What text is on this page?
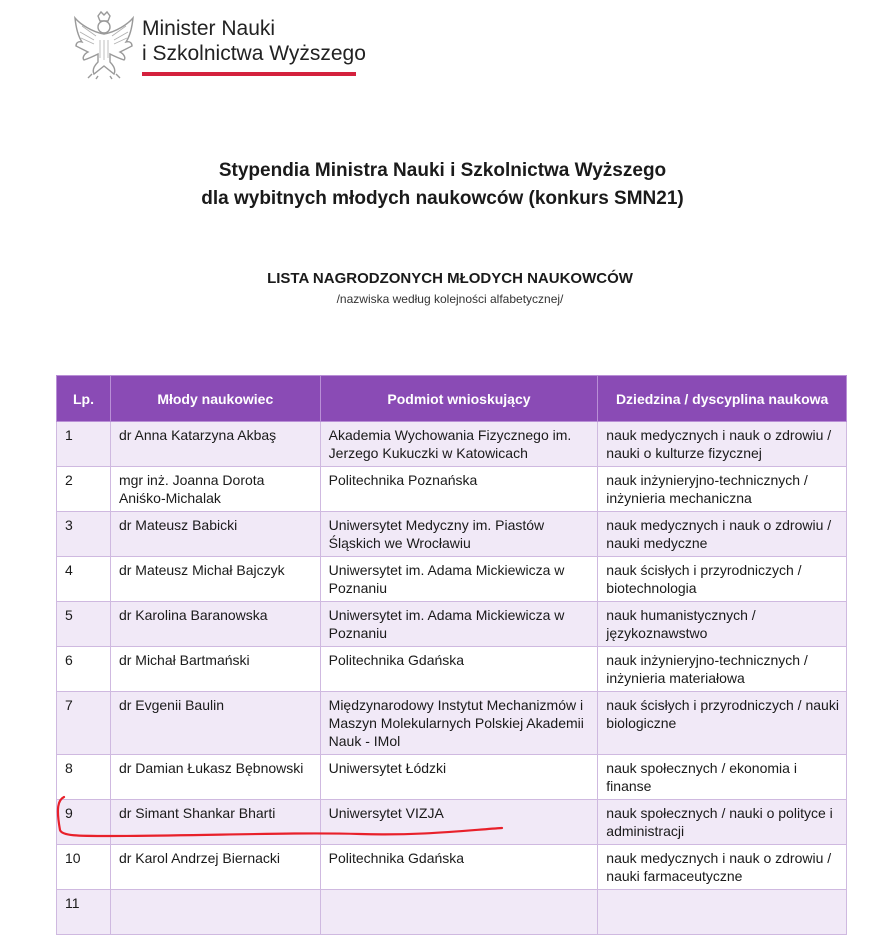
Minister Nauki
i Szkolnictwa Wyższego
Stypendia Ministra Nauki i Szkolnictwa Wyższego
dla wybitnych młodych naukowców (konkurs SMN21)
LISTA NAGRODZONYCH MŁODYCH NAUKOWCÓW
/nazwiska według kolejności alfabetycznej/
Lp.	Młody naukowiec	Podmiot wnioskujący	Dziedzina / dyscyplina naukowa
1	dr Anna Katarzyna Akbaş	Akademia Wychowania Fizycznego im. Jerzego Kukuczki w Katowicach	nauk medycznych i nauk o zdrowiu / nauki o kulturze fizycznej
2	mgr inż. Joanna Dorota Aniśko-Michalak	Politechnika Poznańska	nauk inżynieryjno-technicznych / inżynieria mechaniczna
3	dr Mateusz Babicki	Uniwersytet Medyczny im. Piastów Śląskich we Wrocławiu	nauk medycznych i nauk o zdrowiu / nauki medyczne
4	dr Mateusz Michał Bajczyk	Uniwersytet im. Adama Mickiewicza w Poznaniu	nauk ścisłych i przyrodniczych / biotechnologia
5	dr Karolina Baranowska	Uniwersytet im. Adama Mickiewicza w Poznaniu	nauk humanistycznych / językoznawstwo
6	dr Michał Bartmański	Politechnika Gdańska	nauk inżynieryjno-technicznych / inżynieria materiałowa
7	dr Evgenii Baulin	Międzynarodowy Instytut Mechanizmów i Maszyn Molekularnych Polskiej Akademii Nauk - IMol	nauk ścisłych i przyrodniczych / nauki biologiczne
8	dr Damian Łukasz Bębnowski	Uniwersytet Łódzki	nauk społecznych / ekonomia i finanse
9	dr Simant Shankar Bharti	Uniwersytet VIZJA	nauk społecznych / nauki o polityce i administracji
10	dr Karol Andrzej Biernacki	Politechnika Gdańska	nauk medycznych i nauk o zdrowiu / nauki farmaceutyczne
11			
